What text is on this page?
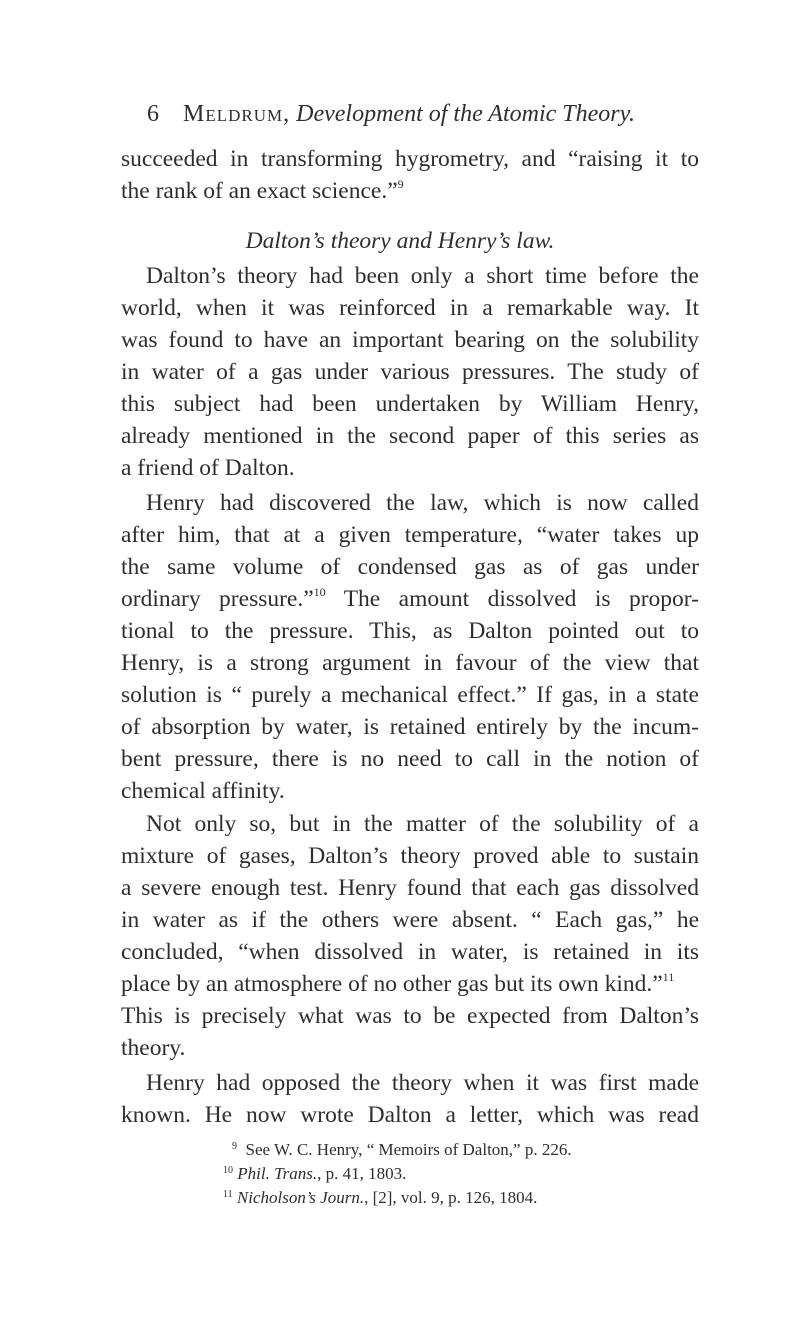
6 Meldrum, Development of the Atomic Theory.
succeeded in transforming hygrometry, and “raising it to
the rank of an exact science.”$^9$
Dalton’s theory and Henry’s law.
Dalton’s theory had been only a short time before the
world, when it was reinforced in a remarkable way. It
was found to have an important bearing on the solubility
in water of a gas under various pressures. The study of
this subject had been undertaken by William Henry,
already mentioned in the second paper of this series as
a friend of Dalton.
Henry had discovered the law, which is now called
after him, that at a given temperature, “water takes up
the same volume of condensed gas as of gas under
ordinary pressure.”$^{10}$ The amount dissolved is propor-
tional to the pressure. This, as Dalton pointed out to
Henry, is a strong argument in favour of the view that
solution is “ purely a mechanical effect.” If gas, in a state
of absorption by water, is retained entirely by the incum-
bent pressure, there is no need to call in the notion of
chemical affinity.
Not only so, but in the matter of the solubility of a
mixture of gases, Dalton’s theory proved able to sustain
a severe enough test. Henry found that each gas dissolved
in water as if the others were absent. “ Each gas,” he
concluded, “when dissolved in water, is retained in its
place by an atmosphere of no other gas but its own kind.”$^{11}$
This is precisely what was to be expected from Dalton’s
theory.
Henry had opposed the theory when it was first made
known. He now wrote Dalton a letter, which was read
$^9$ See W. C. Henry, “ Memoirs of Dalton,” p. 226.
$^{10}$ Phil. Trans., p. 41, 1803.
$^{11}$ Nicholson’s Journ., [2], vol. 9, p. 126, 1804.
